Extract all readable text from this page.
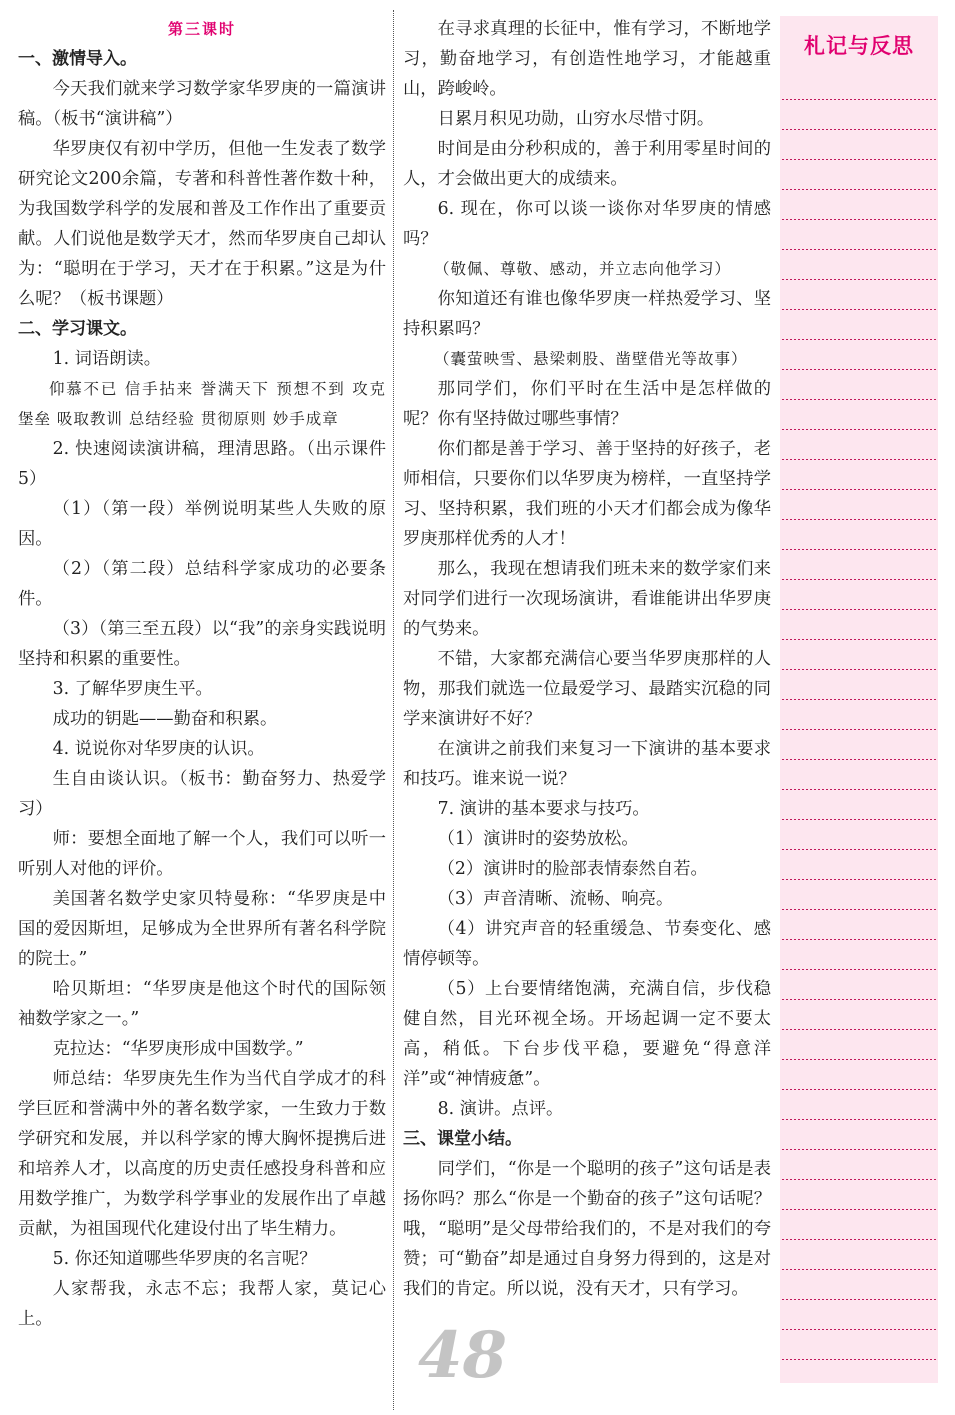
第三课时

一、激情导入。

今天我们就来学习数学家华罗庚的一篇演讲稿。（板书“演讲稿”）

华罗庚仅有初中学历，但他一生发表了数学研究论文200余篇，专著和科普性著作数十种，为我国数学科学的发展和普及工作作出了重要贡献。人们说他是数学天才，然而华罗庚自己却认为：“聪明在于学习，天才在于积累。”这是为什么呢？（板书课题）

二、学习课文。

1. 词语朗读。

仰慕不已 信手拈来 誉满天下 预想不到 攻克堡垒 吸取教训 总结经验 贯彻原则 妙手成章

2. 快速阅读演讲稿，理清思路。（出示课件5）

（1）（第一段）举例说明某些人失败的原因。

（2）（第二段）总结科学家成功的必要条件。

（3）（第三至五段）以“我”的亲身实践说明坚持和积累的重要性。

3. 了解华罗庚生平。

成功的钥匙——勤奋和积累。

4. 说说你对华罗庚的认识。

生自由谈认识。（板书：勤奋努力、热爱学习）

师：要想全面地了解一个人，我们可以听一听别人对他的评价。

美国著名数学史家贝特曼称：“华罗庚是中国的爱因斯坦，足够成为全世界所有著名科学院的院士。”

哈贝斯坦：“华罗庚是他这个时代的国际领袖数学家之一。”

克拉达：“华罗庚形成中国数学。”

师总结：华罗庚先生作为当代自学成才的科学巨匠和誉满中外的著名数学家，一生致力于数学研究和发展，并以科学家的博大胸怀提携后进和培养人才，以高度的历史责任感投身科普和应用数学推广，为数学科学事业的发展作出了卓越贡献，为祖国现代化建设付出了毕生精力。

5. 你还知道哪些华罗庚的名言呢？

人家帮我，永志不忘；我帮人家，莫记心上。

在寻求真理的长征中，惟有学习，不断地学习，勤奋地学习，有创造性地学习，才能越重山，跨峻岭。

日累月积见功勋，山穷水尽惜寸阴。

时间是由分秒积成的，善于利用零星时间的人，才会做出更大的成绩来。

6. 现在，你可以谈一谈你对华罗庚的情感吗？

（敬佩、尊敬、感动，并立志向他学习）

你知道还有谁也像华罗庚一样热爱学习、坚持积累吗？

（囊萤映雪、悬梁刺股、凿壁借光等故事）

那同学们，你们平时在生活中是怎样做的呢？你有坚持做过哪些事情？

你们都是善于学习、善于坚持的好孩子，老师相信，只要你们以华罗庚为榜样，一直坚持学习、坚持积累，我们班的小天才们都会成为像华罗庚那样优秀的人才！

那么，我现在想请我们班未来的数学家们来对同学们进行一次现场演讲，看谁能讲出华罗庚的气势来。

不错，大家都充满信心要当华罗庚那样的人物，那我们就选一位最爱学习、最踏实沉稳的同学来演讲好不好？

在演讲之前我们来复习一下演讲的基本要求和技巧。谁来说一说？

7. 演讲的基本要求与技巧。

（1）演讲时的姿势放松。

（2）演讲时的脸部表情泰然自若。

（3）声音清晰、流畅、响亮。

（4）讲究声音的轻重缓急、节奏变化、感情停顿等。

（5）上台要情绪饱满，充满自信，步伐稳健自然，目光环视全场。开场起调一定不要太高，稍低。下台步伐平稳，要避免“得意洋洋”或“神情疲惫”。

8. 演讲。点评。

三、课堂小结。

同学们，“你是一个聪明的孩子”这句话是表扬你吗？那么“你是一个勤奋的孩子”这句话呢？哦，“聪明”是父母带给我们的，不是对我们的夸赞；可“勤奋”却是通过自身努力得到的，这是对我们的肯定。所以说，没有天才，只有学习。

札记与反思
48
